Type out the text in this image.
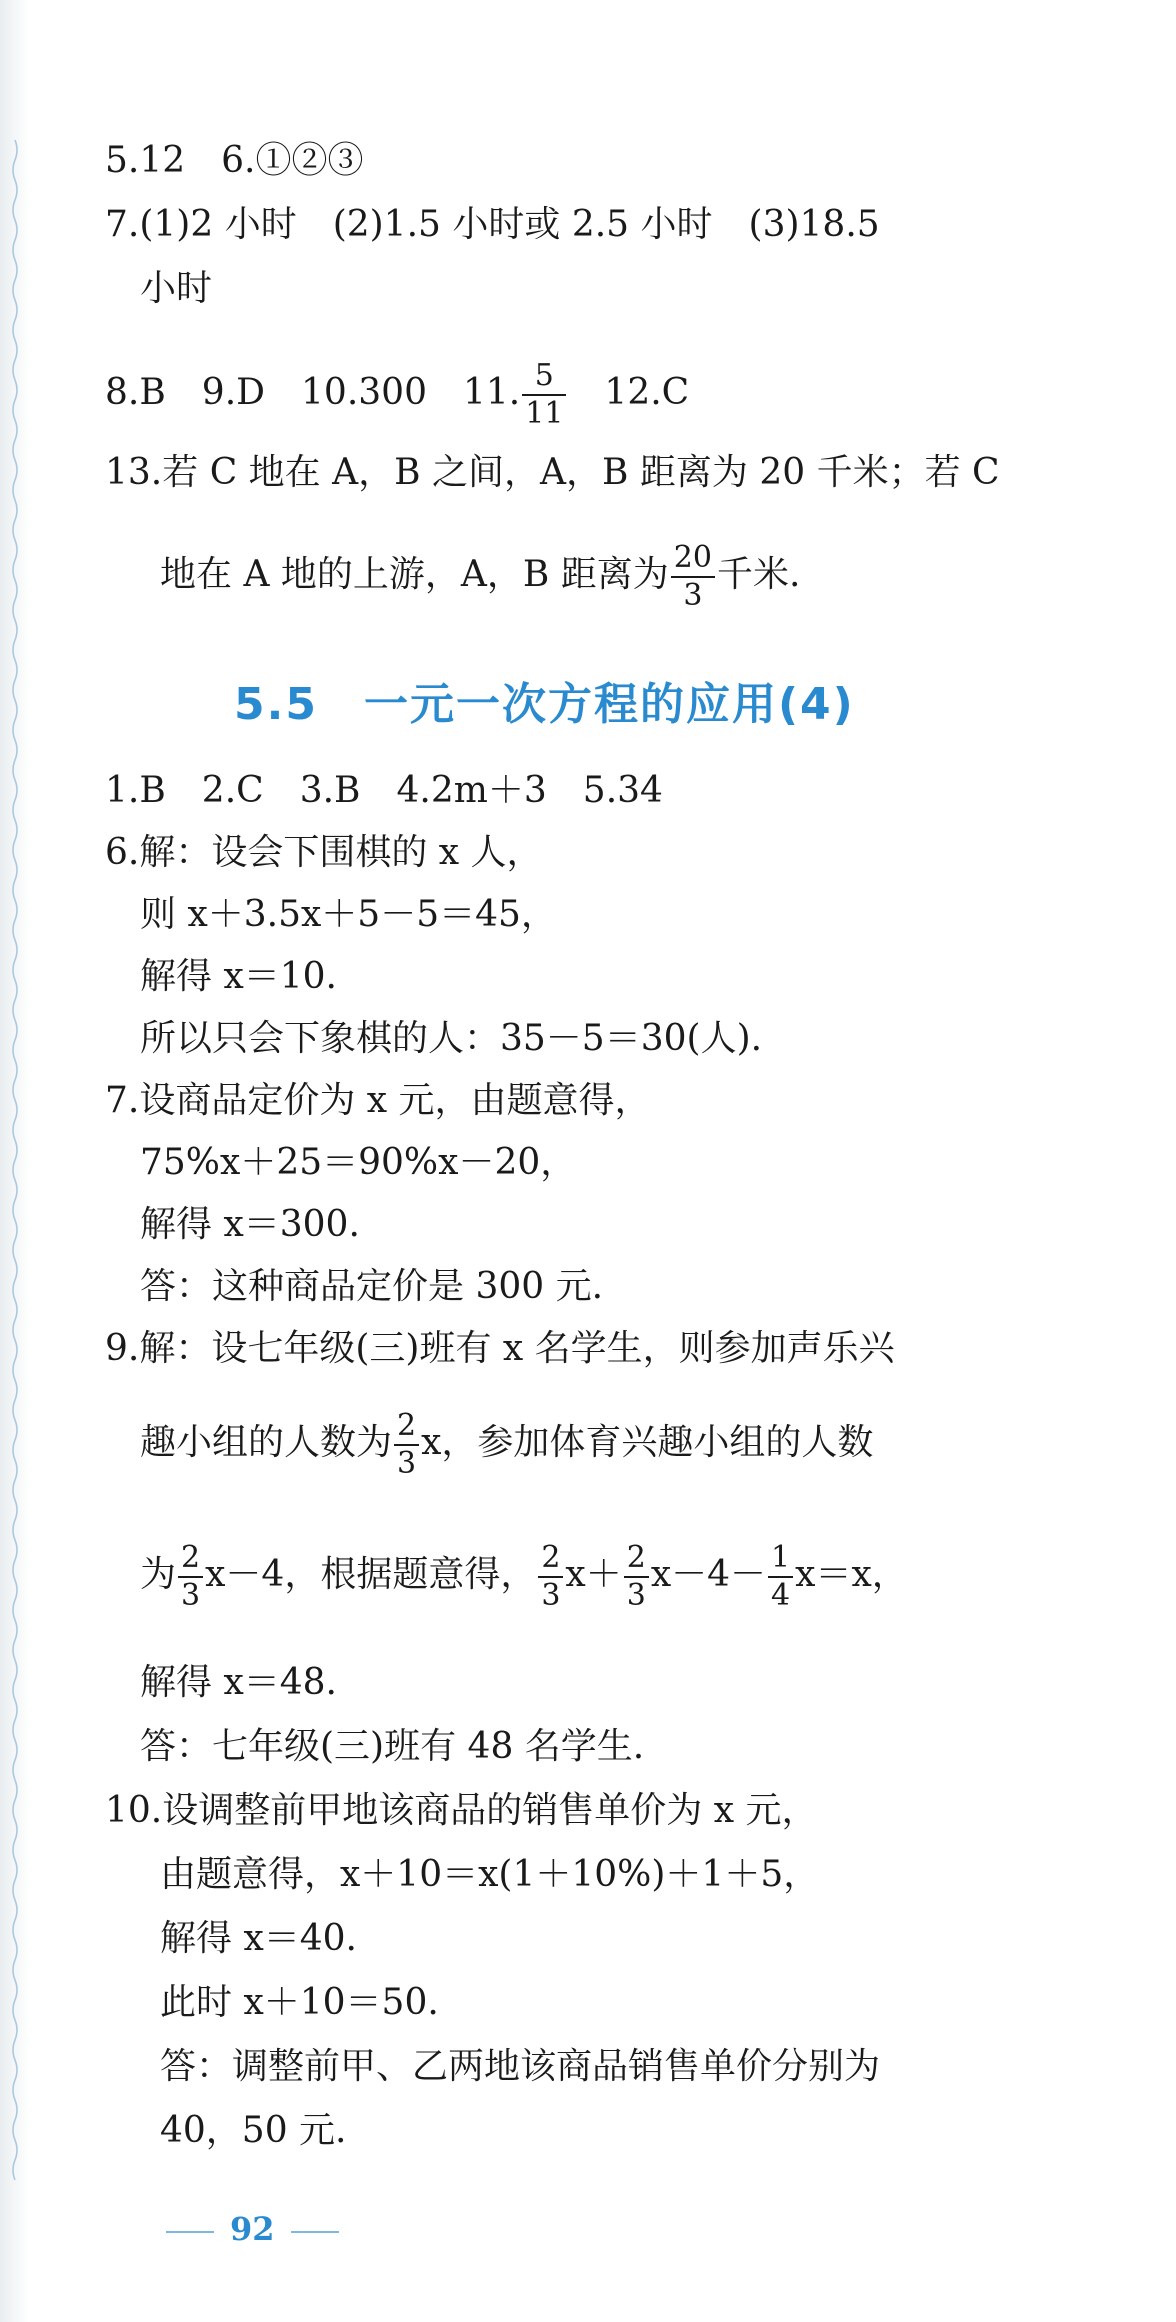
5.12　6.①②③
7.(1)2 小时　(2)1.5 小时或 2.5 小时　(3)18.5
小时
8.B　9.D　10.300　11. $\frac{5}{11}$ 　12.C
13.若 C 地在 A，B 之间，A，B 距离为 20 千米；若 C
地在 A 地的上游，A，B 距离为 $\frac{20}{3}$ 千米.
5.5　一元一次方程的应用(4)
1.B　2.C　3.B　4.2m＋3　5.34
6.解：设会下围棋的 x 人，
则 x＋3.5x＋5－5＝45，
解得 x＝10.
所以只会下象棋的人：35－5＝30(人).
7.设商品定价为 x 元，由题意得，
75%x＋25＝90%x－20，
解得 x＝300.
答：这种商品定价是 300 元.
9.解：设七年级(三)班有 x 名学生，则参加声乐兴
趣小组的人数为 $\frac{2}{3}$ x，参加体育兴趣小组的人数
为 $\frac{2}{3} x-4$，根据题意得， $\frac{2}{3} x+ \frac{2}{3} x-4- \frac{1}{4} x=x$，
解得 x＝48.
答：七年级(三)班有 48 名学生.
10.设调整前甲地该商品的销售单价为 x 元，
由题意得，x＋10＝x(1＋10%)＋1＋5，
解得 x＝40.
此时 x＋10＝50.
答：调整前甲、乙两地该商品销售单价分别为
40，50 元.
92
